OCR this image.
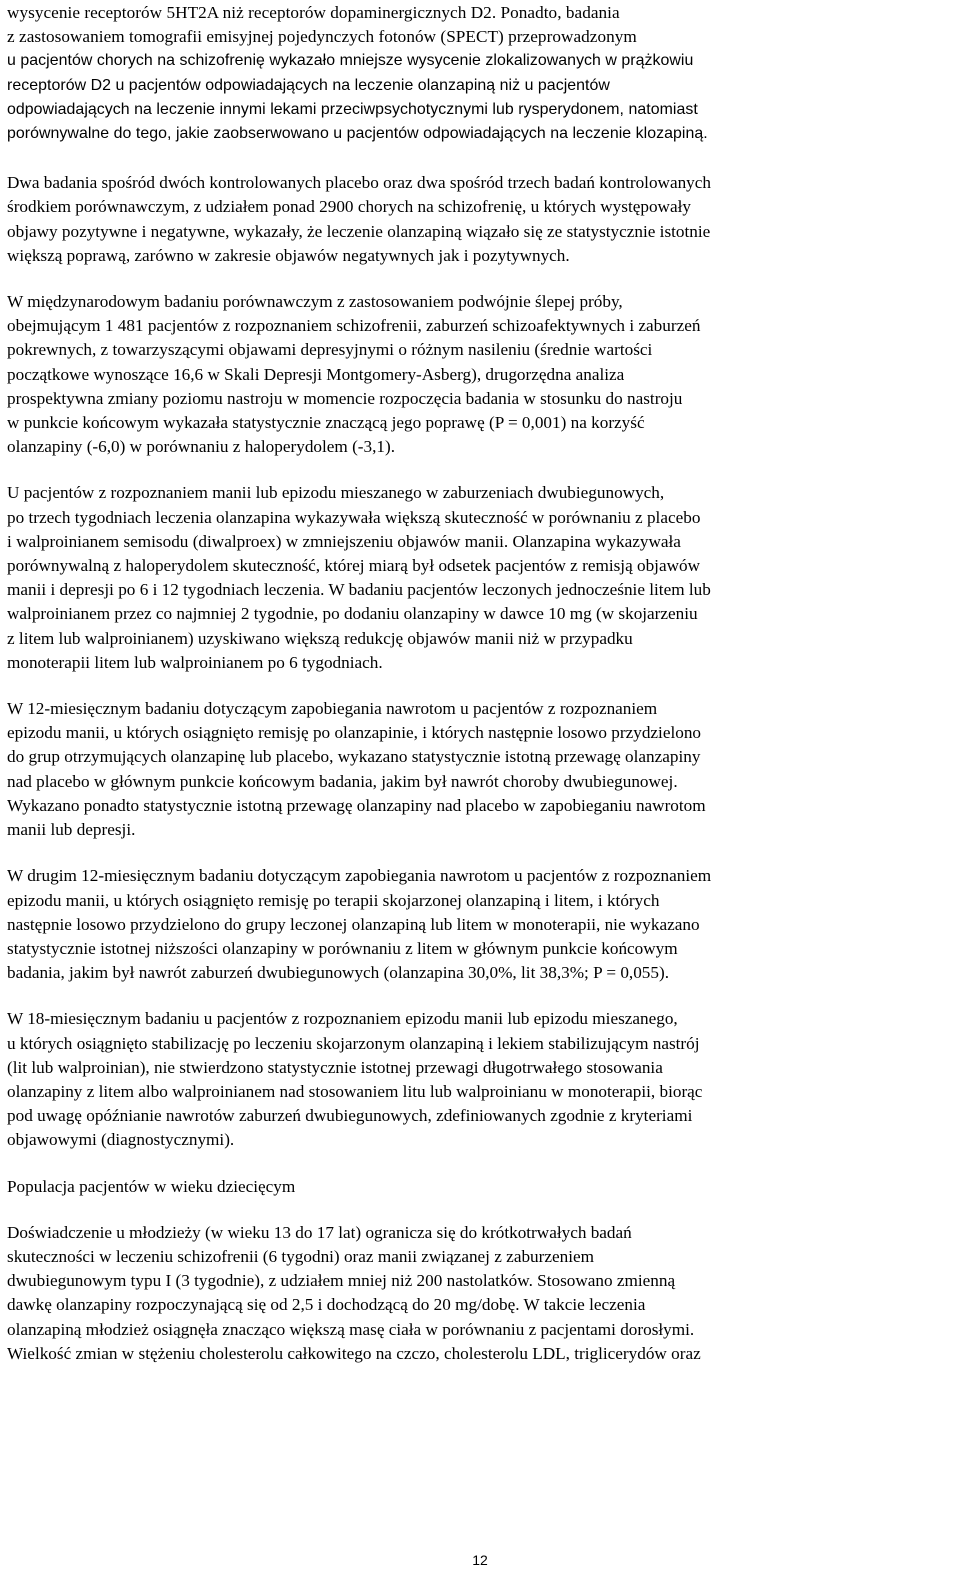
wysycenie receptorów 5HT2A niż receptorów dopaminergicznych D2. Ponadto, badania
z zastosowaniem tomografii emisyjnej pojedynczych fotonów (SPECT) przeprowadzonym
u pacjentów chorych na schizofrenię wykazało mniejsze wysycenie zlokalizowanych w prążkowiu
receptorów D2 u pacjentów odpowiadających na leczenie olanzapiną niż u pacjentów
odpowiadających na leczenie innymi lekami przeciwpsychotycznymi lub rysperydonem, natomiast
porównywalne do tego, jakie zaobserwowano u pacjentów odpowiadających na leczenie klozapiną.

Dwa badania spośród dwóch kontrolowanych placebo oraz dwa spośród trzech badań kontrolowanych
środkiem porównawczym, z udziałem ponad 2900 chorych na schizofrenię, u których występowały
objawy pozytywne i negatywne, wykazały, że leczenie olanzapiną wiązało się ze statystycznie istotnie
większą poprawą, zarówno w zakresie objawów negatywnych jak i pozytywnych.

W międzynarodowym badaniu porównawczym z zastosowaniem podwójnie ślepej próby,
obejmującym 1 481 pacjentów z rozpoznaniem schizofrenii, zaburzeń schizoafektywnych i zaburzeń
pokrewnych, z towarzyszącymi objawami depresyjnymi o różnym nasileniu (średnie wartości
początkowe wynoszące 16,6 w Skali Depresji Montgomery-Asberg), drugorzędna analiza
prospektywna zmiany poziomu nastroju w momencie rozpoczęcia badania w stosunku do nastroju
w punkcie końcowym wykazała statystycznie znaczącą jego poprawę (P = 0,001) na korzyść
olanzapiny (-6,0) w porównaniu z haloperydolem (-3,1).

U pacjentów z rozpoznaniem manii lub epizodu mieszanego w zaburzeniach dwubiegunowych,
po trzech tygodniach leczenia olanzapina wykazywała większą skuteczność w porównaniu z placebo
i walproinianem semisodu (diwalproex) w zmniejszeniu objawów manii. Olanzapina wykazywała
porównywalną z haloperydolem skuteczność, której miarą był odsetek pacjentów z remisją objawów
manii i depresji po 6 i 12 tygodniach leczenia. W badaniu pacjentów leczonych jednocześnie litem lub
walproinianem przez co najmniej 2 tygodnie, po dodaniu olanzapiny w dawce 10 mg (w skojarzeniu
z litem lub walproinianem) uzyskiwano większą redukcję objawów manii niż w przypadku
monoterapii litem lub walproinianem po 6 tygodniach.

W 12-miesięcznym badaniu dotyczącym zapobiegania nawrotom u pacjentów z rozpoznaniem
epizodu manii, u których osiągnięto remisję po olanzapinie, i których następnie losowo przydzielono
do grup otrzymujących olanzapinę lub placebo, wykazano statystycznie istotną przewagę olanzapiny
nad placebo w głównym punkcie końcowym badania, jakim był nawrót choroby dwubiegunowej.
Wykazano ponadto statystycznie istotną przewagę olanzapiny nad placebo w zapobieganiu nawrotom
manii lub depresji.

W drugim 12-miesięcznym badaniu dotyczącym zapobiegania nawrotom u pacjentów z rozpoznaniem
epizodu manii, u których osiągnięto remisję po terapii skojarzonej olanzapiną i litem, i których
następnie losowo przydzielono do grupy leczonej olanzapiną lub litem w monoterapii, nie wykazano
statystycznie istotnej niższości olanzapiny w porównaniu z litem w głównym punkcie końcowym
badania, jakim był nawrót zaburzeń dwubiegunowych (olanzapina 30,0%, lit 38,3%; P = 0,055).

W 18-miesięcznym badaniu u pacjentów z rozpoznaniem epizodu manii lub epizodu mieszanego,
u których osiągnięto stabilizację po leczeniu skojarzonym olanzapiną i lekiem stabilizującym nastrój
(lit lub walproinian), nie stwierdzono statystycznie istotnej przewagi długotrwałego stosowania
olanzapiny z litem albo walproinianem nad stosowaniem litu lub walproinianu w monoterapii, biorąc
pod uwagę opóźnianie nawrotów zaburzeń dwubiegunowych, zdefiniowanych zgodnie z kryteriami
objawowymi (diagnostycznymi).

Populacja pacjentów w wieku dziecięcym

Doświadczenie u młodzieży (w wieku 13 do 17 lat) ogranicza się do krótkotrwałych badań
skuteczności w leczeniu schizofrenii (6 tygodni) oraz manii związanej z zaburzeniem
dwubiegunowym typu I (3 tygodnie), z udziałem mniej niż 200 nastolatków. Stosowano zmienną
dawkę olanzapiny rozpoczynającą się od 2,5 i dochodzącą do 20 mg/dobę. W takcie leczenia
olanzapiną młodzież osiągnęła znacząco większą masę ciała w porównaniu z pacjentami dorosłymi.
Wielkość zmian w stężeniu cholesterolu całkowitego na czczo, cholesterolu LDL, triglicerydów oraz

12
